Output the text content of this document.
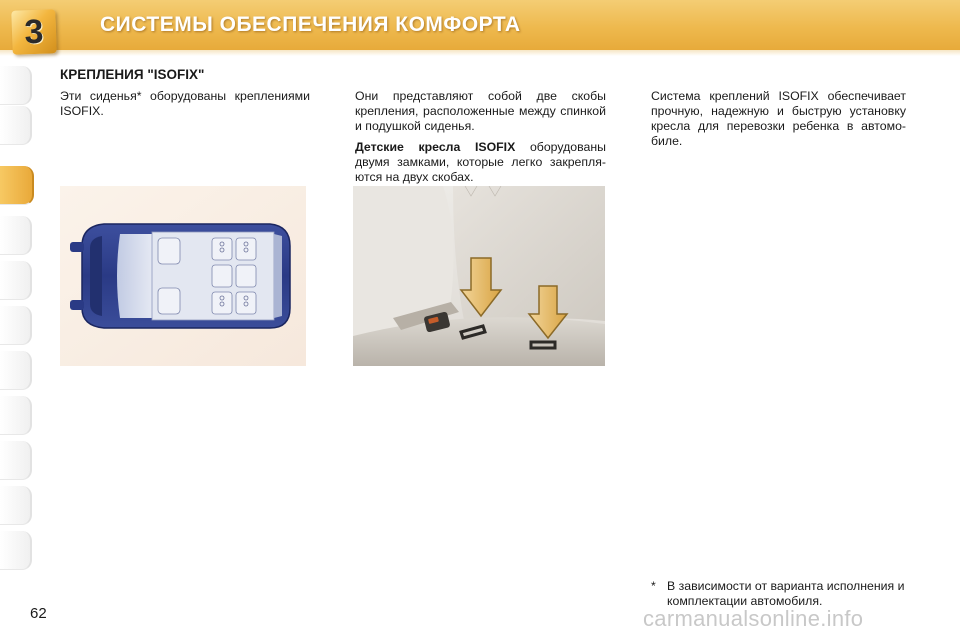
3	СИСТЕМЫ ОБЕСПЕЧЕНИЯ КОМФОРТА
КРЕПЛЕНИЯ "ISOFIX"

Эти сиденья* оборудованы креплениями ISOFIX.

Они представляют собой две скобы крепления, расположенные между спинкой и подушкой сиденья.

Детские кресла ISOFIX оборудованы двумя замками, которые легко закрепля-ются на двух скобах.

Система креплений ISOFIX обеспечивает прочную, надежную и быструю установку кресла для перевозки ребенка в автомо-биле.

* В зависимости от варианта исполнения и комплектации автомобиля.
62	carmanualsonline.info
